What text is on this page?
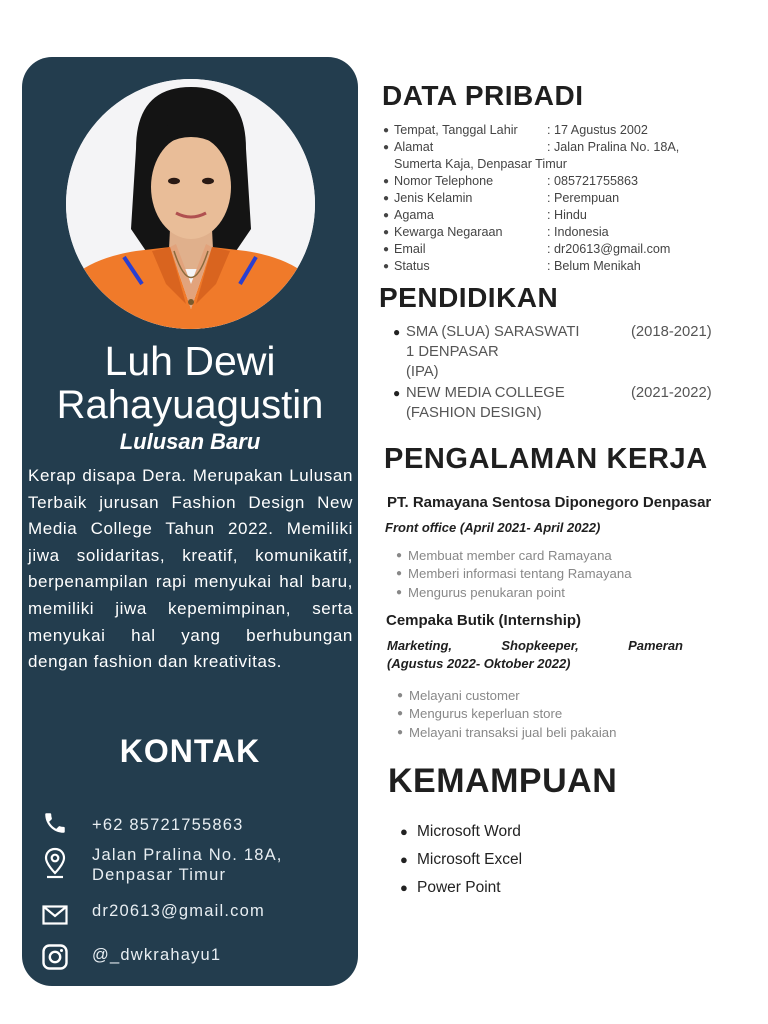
Luh Dewi
Rahayuagustin
Lulusan Baru
Kerap disapa Dera. Merupakan Lulusan Terbaik jurusan Fashion Design New Media College Tahun 2022. Memiliki jiwa solidaritas, kreatif, komunikatif, berpenampilan rapi menyukai hal baru, memiliki jiwa kepemimpinan, serta menyukai hal yang berhubungan dengan fashion dan kreativitas.
KONTAK
+62 85721755863
Jalan Pralina No. 18A,
Denpasar Timur
dr20613@gmail.com
@_dwkrahayu1
DATA PRIBADI
● Tempat, Tanggal Lahir : 17 Agustus 2002
● Alamat	: Jalan Pralina No. 18A,
Sumerta Kaja, Denpasar Timur
● Nomor Telephone	: 085721755863
● Jenis Kelamin	: Perempuan
● Agama	: Hindu
● Kewarga Negaraan	: Indonesia
● Email	: dr20613@gmail.com
● Status	: Belum Menikah
PENDIDIKAN
● SMA (SLUA) SARASWATI
1 DENPASAR
(IPA)
(2018-2021)
● NEW MEDIA COLLEGE
(FASHION DESIGN)
(2021-2022)
PENGALAMAN KERJA
PT. Ramayana Sentosa Diponegoro Denpasar
Front office (April 2021- April 2022)
● Membuat member card Ramayana
● Memberi informasi tentang Ramayana
● Mengurus penukaran point
Cempaka Butik (Internship)
Marketing, Shopkeeper, Pameran
(Agustus 2022- Oktober 2022)
● Melayani customer
● Mengurus keperluan store
● Melayani transaksi jual beli pakaian
KEMAMPUAN
● Microsoft Word
● Microsoft Excel
● Power Point
